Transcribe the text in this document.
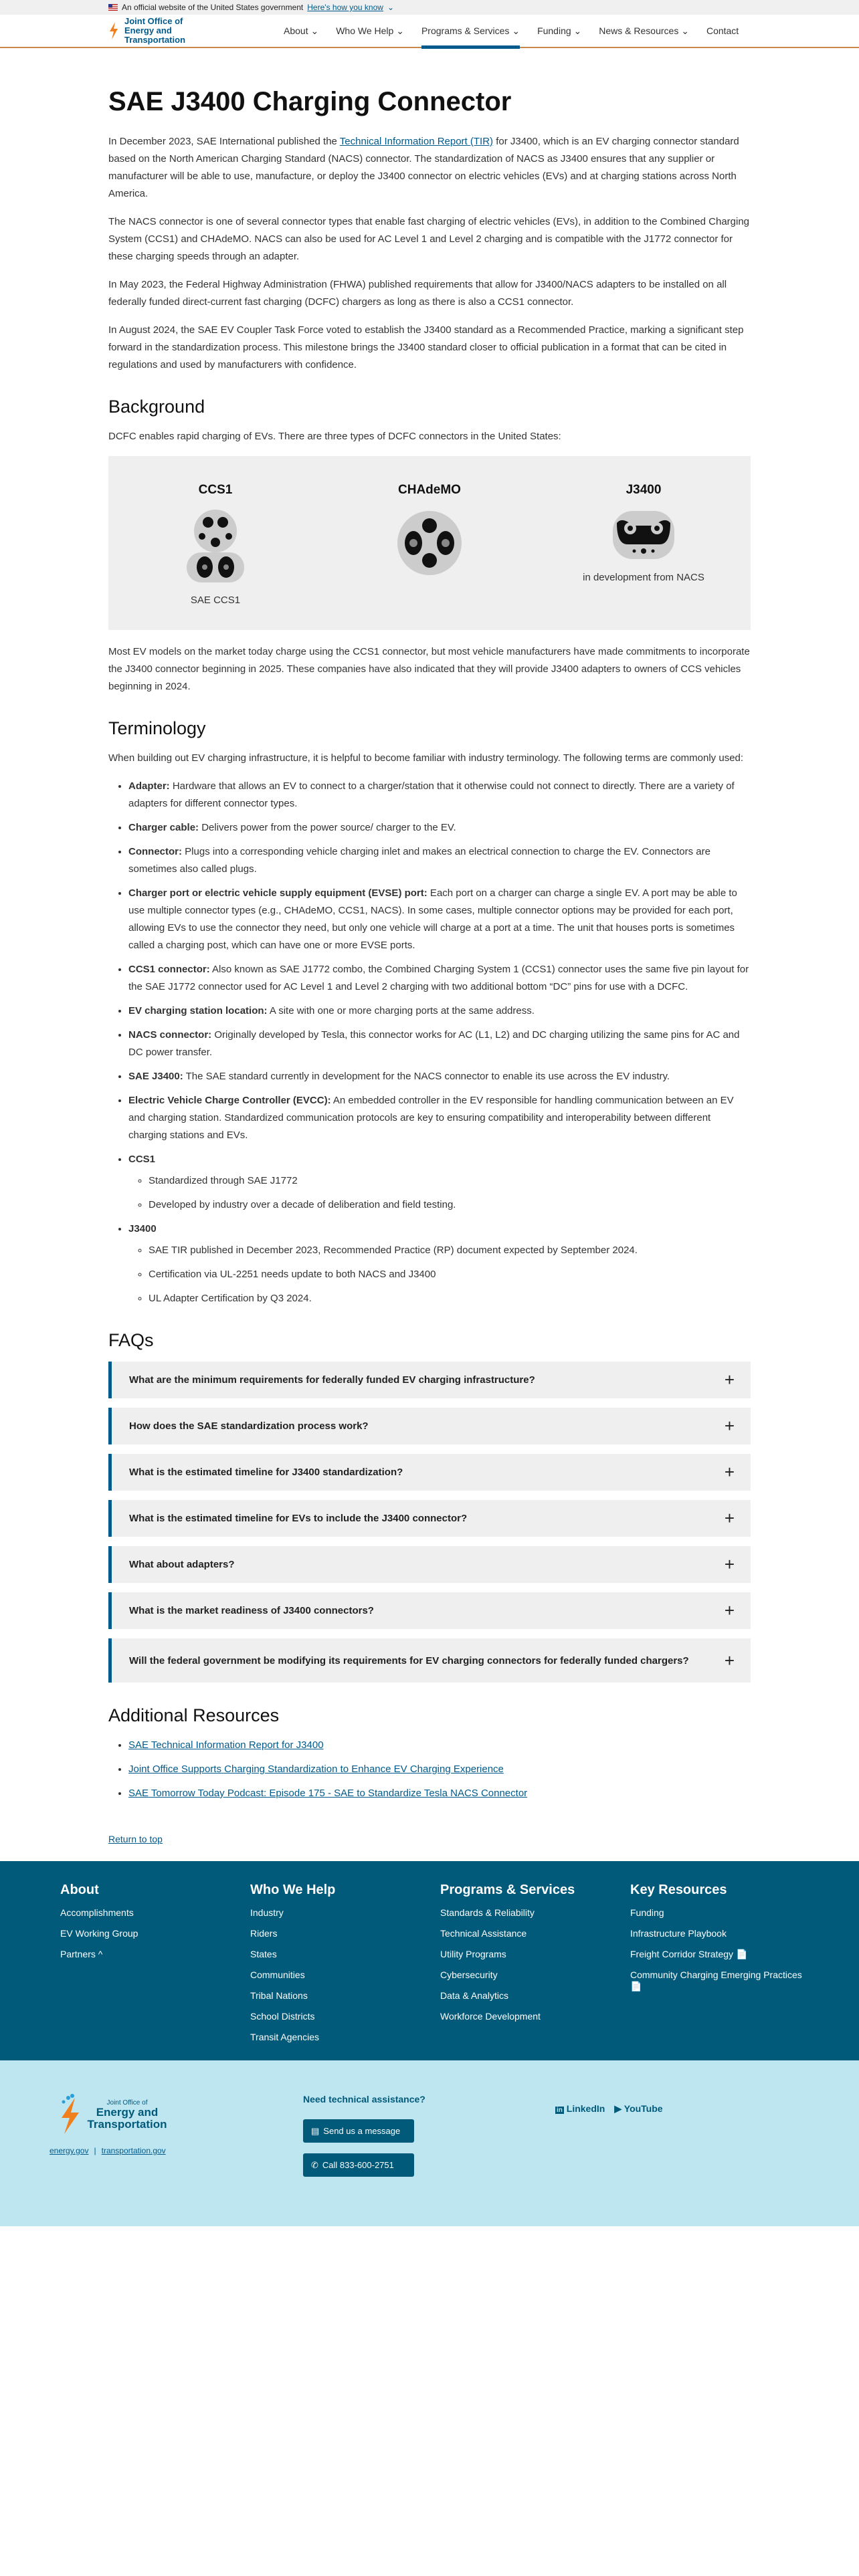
An official website of the United States government Here's how you know ⌄
Joint Office of Energy and Transportation
About ⌄ Who We Help ⌄ Programs & Services ⌄ Funding ⌄ News & Resources ⌄ Contact
SAE J3400 Charging Connector

In December 2023, SAE International published the Technical Information Report (TIR) for J3400, which is an EV charging connector standard based on the North American Charging Standard (NACS) connector. The standardization of NACS as J3400 ensures that any supplier or manufacturer will be able to use, manufacture, or deploy the J3400 connector on electric vehicles (EVs) and at charging stations across North America.

The NACS connector is one of several connector types that enable fast charging of electric vehicles (EVs), in addition to the Combined Charging System (CCS1) and CHAdeMO. NACS can also be used for AC Level 1 and Level 2 charging and is compatible with the J1772 connector for these charging speeds through an adapter.

In May 2023, the Federal Highway Administration (FHWA) published requirements that allow for J3400/NACS adapters to be installed on all federally funded direct-current fast charging (DCFC) chargers as long as there is also a CCS1 connector.

In August 2024, the SAE EV Coupler Task Force voted to establish the J3400 standard as a Recommended Practice, marking a significant step forward in the standardization process. This milestone brings the J3400 standard closer to official publication in a format that can be cited in regulations and used by manufacturers with confidence.

Background

DCFC enables rapid charging of EVs. There are three types of DCFC connectors in the United States:

CCS1
SAE CCS1
CHAdeMO	J3400
in development from NACS

Most EV models on the market today charge using the CCS1 connector, but most vehicle manufacturers have made commitments to incorporate the J3400 connector beginning in 2025. These companies have also indicated that they will provide J3400 adapters to owners of CCS vehicles beginning in 2024.

Terminology

When building out EV charging infrastructure, it is helpful to become familiar with industry terminology. The following terms are commonly used:

• Adapter: Hardware that allows an EV to connect to a charger/station that it otherwise could not connect to directly. There are a variety of adapters for different connector types.
• Charger cable: Delivers power from the power source/ charger to the EV.
• Connector: Plugs into a corresponding vehicle charging inlet and makes an electrical connection to charge the EV. Connectors are sometimes also called plugs.
• Charger port or electric vehicle supply equipment (EVSE) port: Each port on a charger can charge a single EV. A port may be able to use multiple connector types (e.g., CHAdeMO, CCS1, NACS). In some cases, multiple connector options may be provided for each port, allowing EVs to use the connector they need, but only one vehicle will charge at a port at a time. The unit that houses ports is sometimes called a charging post, which can have one or more EVSE ports.
• CCS1 connector: Also known as SAE J1772 combo, the Combined Charging System 1 (CCS1) connector uses the same five pin layout for the SAE J1772 connector used for AC Level 1 and Level 2 charging with two additional bottom “DC” pins for use with a DCFC.
• EV charging station location: A site with one or more charging ports at the same address.
• NACS connector: Originally developed by Tesla, this connector works for AC (L1, L2) and DC charging utilizing the same pins for AC and DC power transfer.
• SAE J3400: The SAE standard currently in development for the NACS connector to enable its use across the EV industry.
• Electric Vehicle Charge Controller (EVCC): An embedded controller in the EV responsible for handling communication between an EV and charging station. Standardized communication protocols are key to ensuring compatibility and interoperability between different charging stations and EVs.
• CCS1
◦ Standardized through SAE J1772
◦ Developed by industry over a decade of deliberation and field testing.
• J3400
◦ SAE TIR published in December 2023, Recommended Practice (RP) document expected by September 2024.
◦ Certification via UL-2251 needs update to both NACS and J3400
◦ UL Adapter Certification by Q3 2024.
FAQs
What are the minimum requirements for federally funded EV charging infrastructure?	+
How does the SAE standardization process work?	+
What is the estimated timeline for J3400 standardization?	+
What is the estimated timeline for EVs to include the J3400 connector?	+
What about adapters?	+
What is the market readiness of J3400 connectors?	+
Will the federal government be modifying its requirements for EV charging connectors for federally funded chargers?	+
Additional Resources
• SAE Technical Information Report for J3400
• Joint Office Supports Charging Standardization to Enhance EV Charging Experience
• SAE Tomorrow Today Podcast: Episode 175 - SAE to Standardize Tesla NACS Connector
Return to top
About
Accomplishments
EV Working Group
Partners ^
Who We Help
Industry
Riders
States
Communities
Tribal Nations
School Districts
Transit Agencies
Programs & Services
Standards & Reliability
Technical Assistance
Utility Programs
Cybersecurity
Data & Analytics
Workforce Development
Key Resources
Funding
Infrastructure Playbook
Freight Corridor Strategy 📄
Community Charging Emerging Practices 📄
Joint Office of
Energy and Transportation
energy.gov | transportation.gov
Need technical assistance?
▤ Send us a message
✆ Call 833-600-2751
in LinkedIn ▶ YouTube
